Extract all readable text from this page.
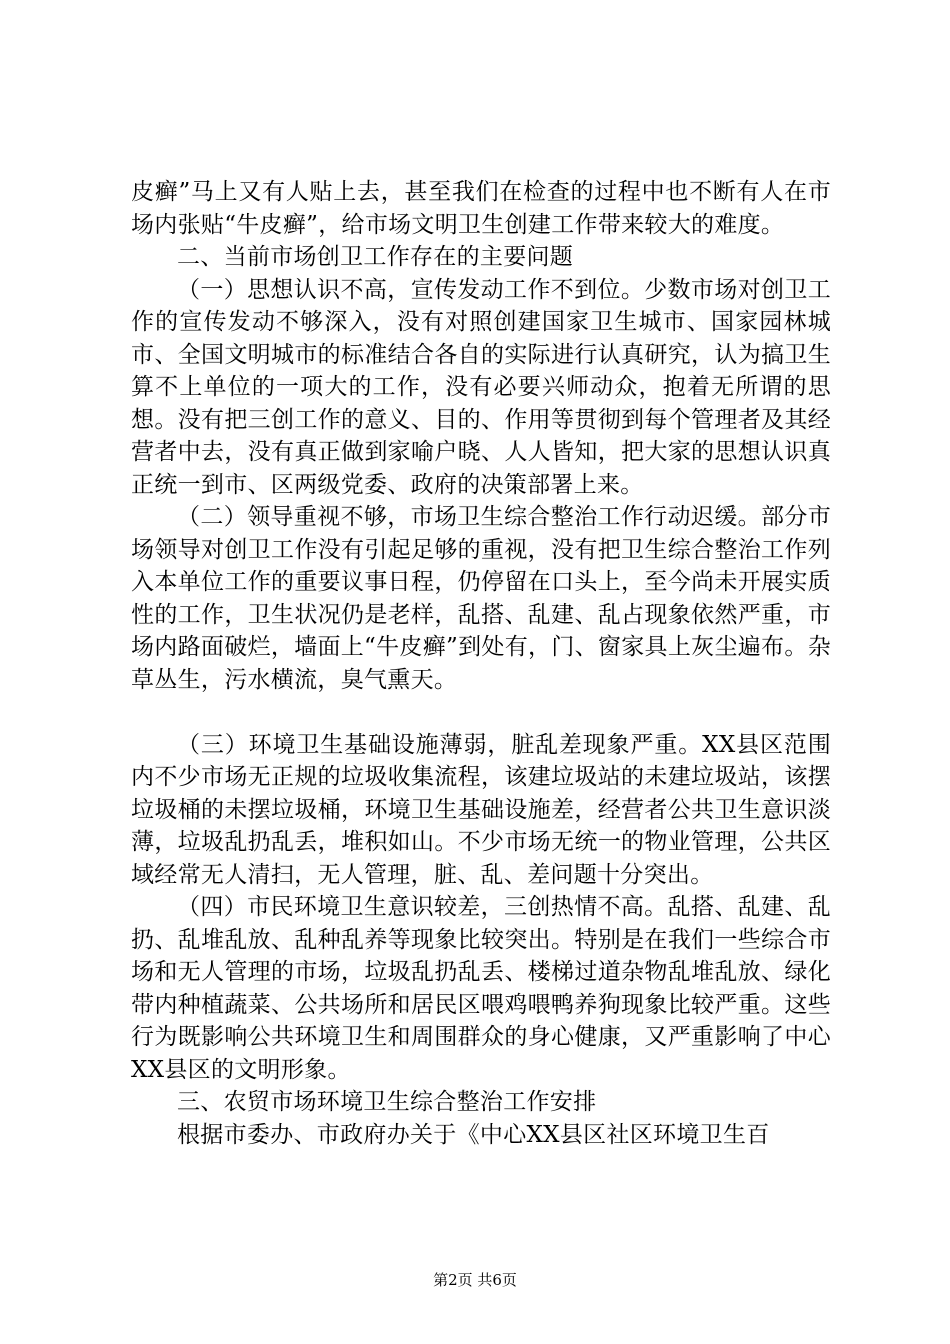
皮癣”马上又有人贴上去，甚至我们在检查的过程中也不断有人在市场内张贴“牛皮癣”，给市场文明卫生创建工作带来较大的难度。

二、当前市场创卫工作存在的主要问题

（一）思想认识不高，宣传发动工作不到位。少数市场对创卫工作的宣传发动不够深入，没有对照创建国家卫生城市、国家园林城市、全国文明城市的标准结合各自的实际进行认真研究，认为搞卫生算不上单位的一项大的工作，没有必要兴师动众，抱着无所谓的思想。没有把三创工作的意义、目的、作用等贯彻到每个管理者及其经营者中去，没有真正做到家喻户晓、人人皆知，把大家的思想认识真正统一到市、区两级党委、政府的决策部署上来。

（二）领导重视不够，市场卫生综合整治工作行动迟缓。部分市场领导对创卫工作没有引起足够的重视，没有把卫生综合整治工作列入本单位工作的重要议事日程，仍停留在口头上，至今尚未开展实质性的工作，卫生状况仍是老样，乱搭、乱建、乱占现象依然严重，市场内路面破烂，墙面上“牛皮癣”到处有，门、窗家具上灰尘遍布。杂草丛生，污水横流，臭气熏天。

（三）环境卫生基础设施薄弱，脏乱差现象严重。XX县区范围内不少市场无正规的垃圾收集流程，该建垃圾站的未建垃圾站，该摆垃圾桶的未摆垃圾桶，环境卫生基础设施差，经营者公共卫生意识淡薄，垃圾乱扔乱丢，堆积如山。不少市场无统一的物业管理，公共区域经常无人清扫，无人管理，脏、乱、差问题十分突出。

（四）市民环境卫生意识较差，三创热情不高。乱搭、乱建、乱扔、乱堆乱放、乱种乱养等现象比较突出。特别是在我们一些综合市场和无人管理的市场，垃圾乱扔乱丢、楼梯过道杂物乱堆乱放、绿化带内种植蔬菜、公共场所和居民区喂鸡喂鸭养狗现象比较严重。这些行为既影响公共环境卫生和周围群众的身心健康，又严重影响了中心XX县区的文明形象。

三、农贸市场环境卫生综合整治工作安排

根据市委办、市政府办关于《中心XX县区社区环境卫生百

第2页 共6页
